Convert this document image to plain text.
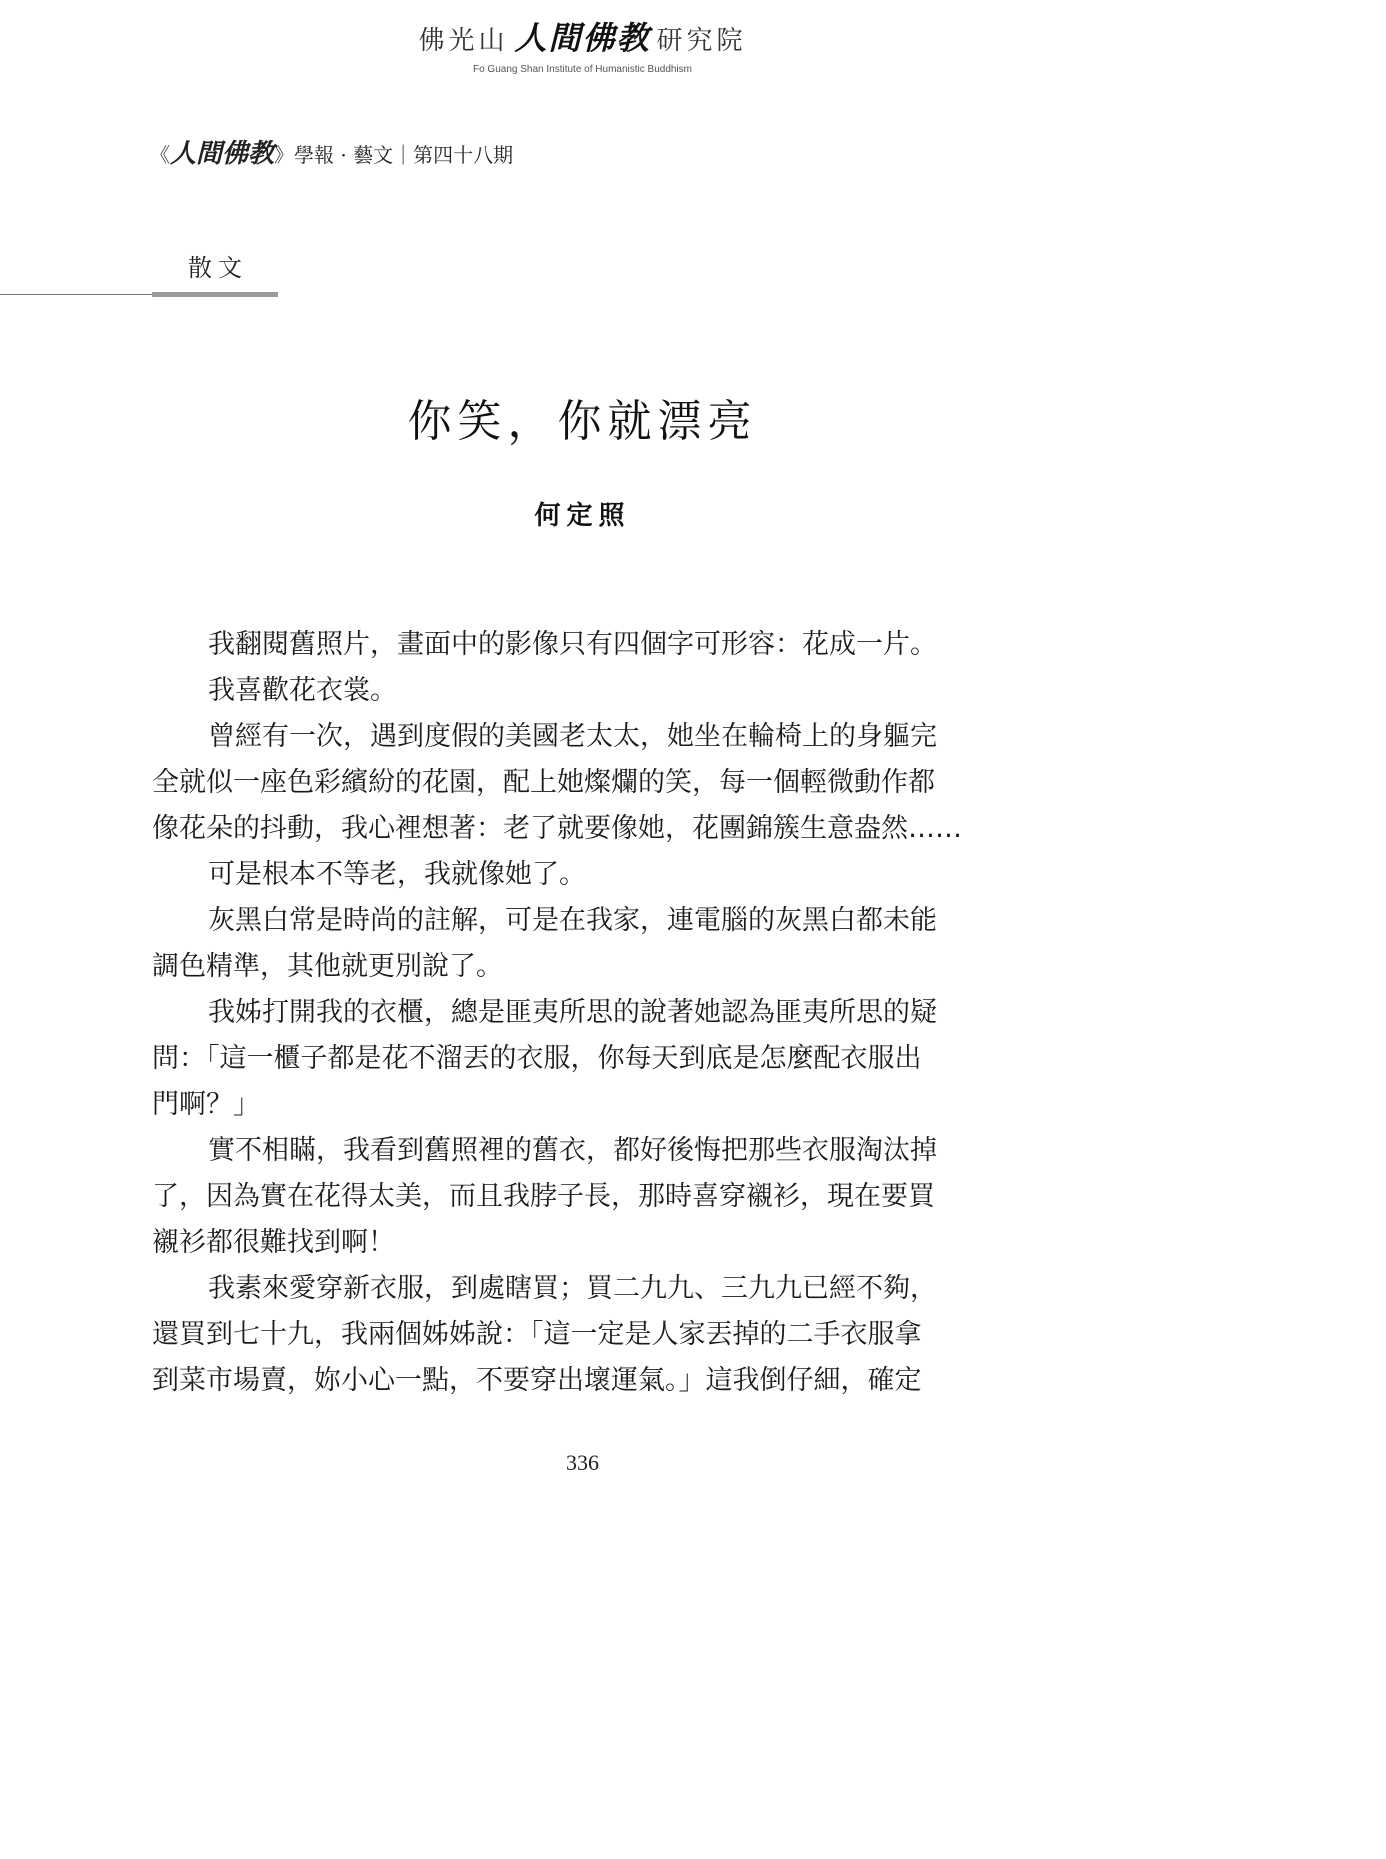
佛光山 人間佛教 研究院
Fo Guang Shan Institute of Humanistic Buddhism
《人間佛教》學報 · 藝文｜第四十八期
散文
你笑，你就漂亮
何定照
我翻閱舊照片，畫面中的影像只有四個字可形容：花成一片。
我喜歡花衣裳。
曾經有一次，遇到度假的美國老太太，她坐在輪椅上的身軀完
全就似一座色彩繽紛的花園，配上她燦爛的笑，每一個輕微動作都
像花朵的抖動，我心裡想著：老了就要像她，花團錦簇生意盎然……
可是根本不等老，我就像她了。
灰黑白常是時尚的註解，可是在我家，連電腦的灰黑白都未能
調色精準，其他就更別說了。
我姊打開我的衣櫃，總是匪夷所思的說著她認為匪夷所思的疑
問：「這一櫃子都是花不溜丟的衣服，你每天到底是怎麼配衣服出
門啊？」
實不相瞞，我看到舊照裡的舊衣，都好後悔把那些衣服淘汰掉
了，因為實在花得太美，而且我脖子長，那時喜穿襯衫，現在要買
襯衫都很難找到啊！
我素來愛穿新衣服，到處瞎買；買二九九、三九九已經不夠，
還買到七十九，我兩個姊姊說：「這一定是人家丟掉的二手衣服拿
到菜市場賣，妳小心一點，不要穿出壞運氣。」這我倒仔細，確定
336
